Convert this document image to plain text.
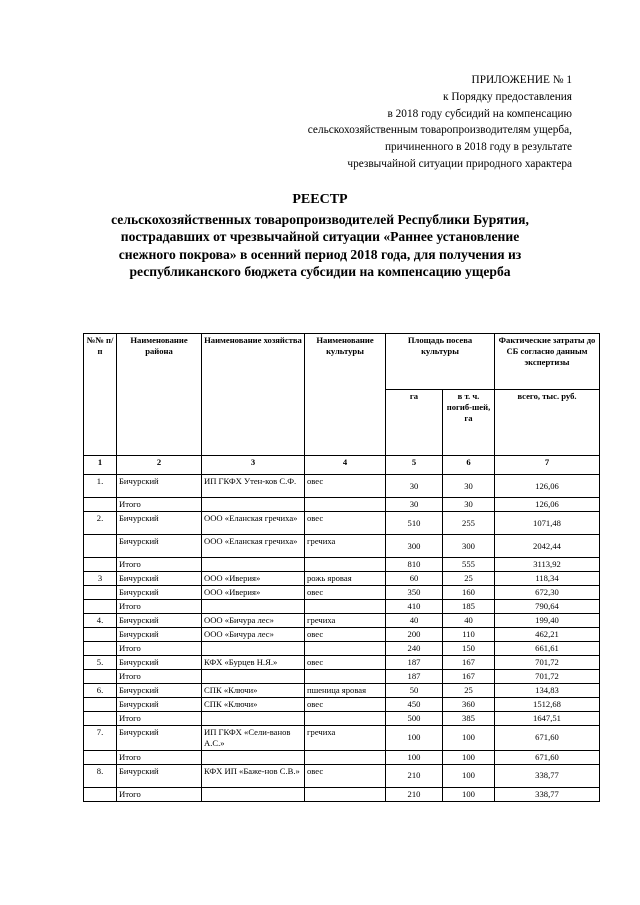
ПРИЛОЖЕНИЕ № 1
к Порядку предоставления
в 2018 году субсидий на компенсацию
сельскохозяйственным товаропроизводителям ущерба,
причиненного в 2018 году в результате
чрезвычайной ситуации природного характера
РЕЕСТР
сельскохозяйственных товаропроизводителей Республики Бурятия,
пострадавших от чрезвычайной ситуации «Раннее установление
снежного покрова» в осенний период 2018 года, для получения из
республиканского бюджета субсидии на компенсацию ущерба
№№ п/п	Наименование района	Наименование хозяйства	Наименование культуры	Площадь посева культуры		Фактические затраты до СБ согласно данным экспертизы
				га	в т. ч. погиб-шей, га	всего, тыс. руб.
1	2	3	4	5	6	7
1.	Бичурский	ИП ГКФХ Утен-ков С.Ф.	овес	30	30	126,06
	Итого			30	30	126,06
2.	Бичурский	ООО «Еланская гречиха»	овес	510	255	1071,48
	Бичурский	ООО «Еланская гречиха»	гречиха	300	300	2042,44
	Итого			810	555	3113,92
3	Бичурский	ООО «Иверия»	рожь яровая	60	25	118,34
	Бичурский	ООО «Иверия»	овес	350	160	672,30
	Итого			410	185	790,64
4.	Бичурский	ООО «Бичура лес»	гречиха	40	40	199,40
	Бичурский	ООО «Бичура лес»	овес	200	110	462,21
	Итого			240	150	661,61
5.	Бичурский	КФХ «Бурцев Н.Я.»	овес	187	167	701,72
	Итого			187	167	701,72
6.	Бичурский	СПК «Ключи»	пшеница яровая	50	25	134,83
	Бичурский	СПК «Ключи»	овес	450	360	1512,68
	Итого			500	385	1647,51
7.	Бичурский	ИП ГКФХ «Сели-ванов А.С.»	гречиха	100	100	671,60
	Итого			100	100	671,60
8.	Бичурский	КФХ ИП «Баже-нов С.В.»	овес	210	100	338,77
	Итого			210	100	338,77
